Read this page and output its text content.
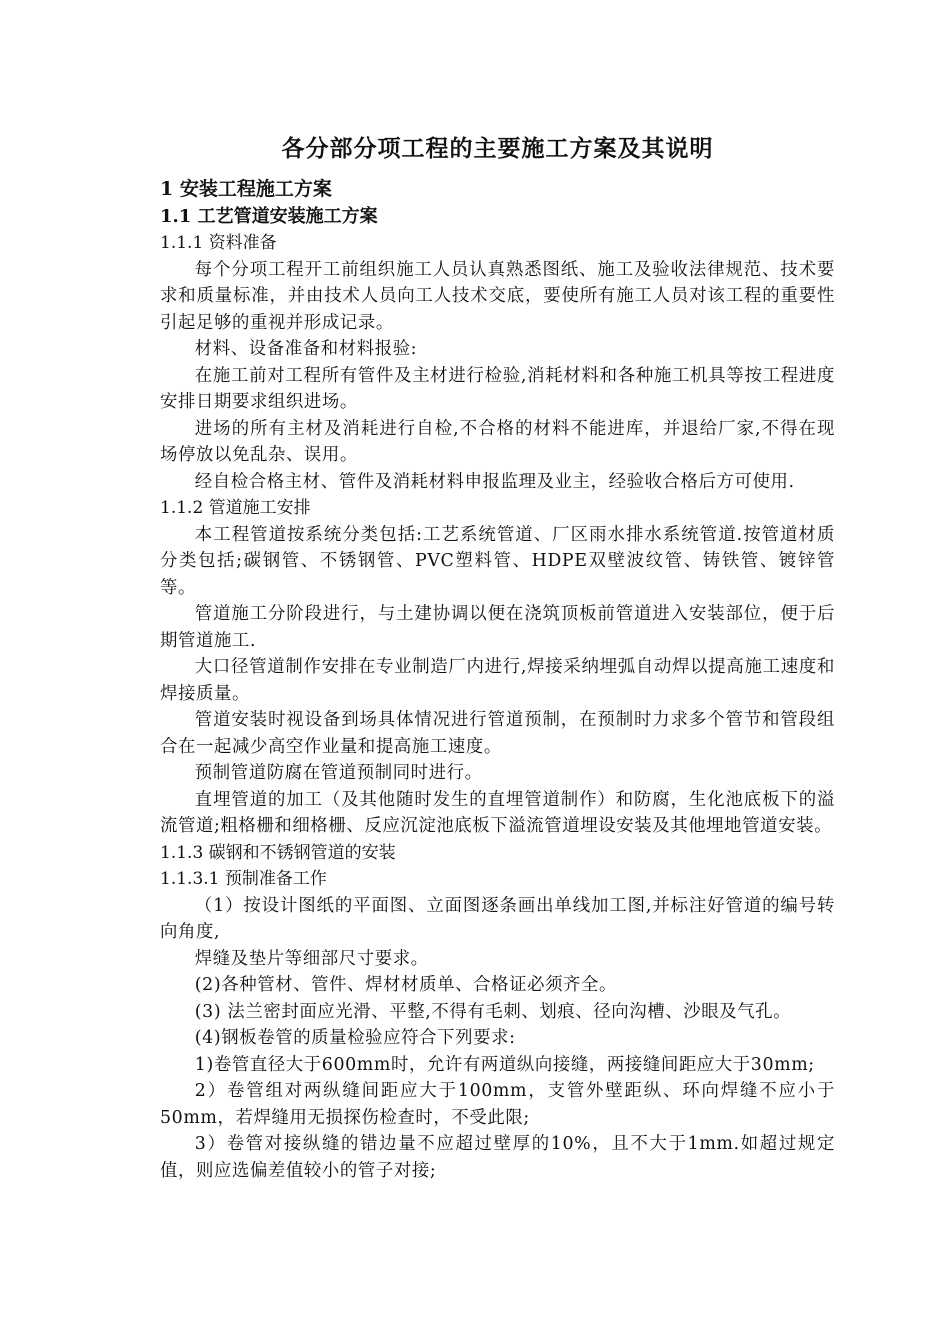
各分部分项工程的主要施工方案及其说明
1 安装工程施工方案
1.1 工艺管道安装施工方案
1.1.1 资料准备
每个分项工程开工前组织施工人员认真熟悉图纸、施工及验收法律规范、技术要求和质量标准，并由技术人员向工人技术交底，要使所有施工人员对该工程的重要性引起足够的重视并形成记录。
材料、设备准备和材料报验:
在施工前对工程所有管件及主材进行检验,消耗材料和各种施工机具等按工程进度安排日期要求组织进场。
进场的所有主材及消耗进行自检,不合格的材料不能进库，并退给厂家,不得在现场停放以免乱杂、误用。
经自检合格主材、管件及消耗材料申报监理及业主，经验收合格后方可使用.
1.1.2 管道施工安排
本工程管道按系统分类包括:工艺系统管道、厂区雨水排水系统管道.按管道材质分类包括;碳钢管、不锈钢管、PVC塑料管、HDPE双壁波纹管、铸铁管、镀锌管等。
管道施工分阶段进行，与土建协调以便在浇筑顶板前管道进入安装部位，便于后期管道施工.
大口径管道制作安排在专业制造厂内进行,焊接采纳埋弧自动焊以提高施工速度和焊接质量。
管道安装时视设备到场具体情况进行管道预制，在预制时力求多个管节和管段组合在一起减少高空作业量和提高施工速度。
预制管道防腐在管道预制同时进行。
直埋管道的加工（及其他随时发生的直埋管道制作）和防腐，生化池底板下的溢流管道;粗格栅和细格栅、反应沉淀池底板下溢流管道埋设安装及其他埋地管道安装。
1.1.3 碳钢和不锈钢管道的安装
1.1.3.1 预制准备工作
（1）按设计图纸的平面图、立面图逐条画出单线加工图,并标注好管道的编号转向角度,
焊缝及垫片等细部尺寸要求。
(2)各种管材、管件、焊材材质单、合格证必须齐全。
(3) 法兰密封面应光滑、平整,不得有毛刺、划痕、径向沟槽、沙眼及气孔。
(4)钢板卷管的质量检验应符合下列要求:
1)卷管直径大于600mm时，允许有两道纵向接缝，两接缝间距应大于30mm;
2）卷管组对两纵缝间距应大于100mm，支管外壁距纵、环向焊缝不应小于50mm，若焊缝用无损探伤检查时，不受此限;
3）卷管对接纵缝的错边量不应超过壁厚的10%，且不大于1mm.如超过规定值，则应选偏差值较小的管子对接;
